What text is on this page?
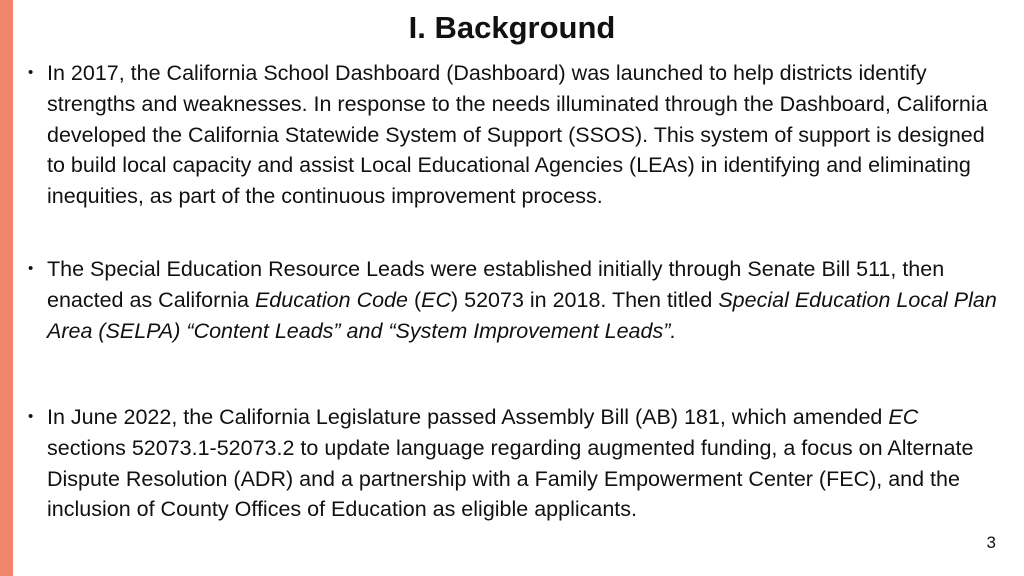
I. Background
• In 2017, the California School Dashboard (Dashboard) was launched to help districts identify strengths and weaknesses. In response to the needs illuminated through the Dashboard, California developed the California Statewide System of Support (SSOS). This system of support is designed to build local capacity and assist Local Educational Agencies (LEAs) in identifying and eliminating inequities, as part of the continuous improvement process.
• The Special Education Resource Leads were established initially through Senate Bill 511, then enacted as California Education Code (EC) 52073 in 2018. Then titled Special Education Local Plan Area (SELPA) “Content Leads” and “System Improvement Leads”.
• In June 2022, the California Legislature passed Assembly Bill (AB) 181, which amended EC sections 52073.1-52073.2 to update language regarding augmented funding, a focus on Alternate Dispute Resolution (ADR) and a partnership with a Family Empowerment Center (FEC), and the inclusion of County Offices of Education as eligible applicants.
3
